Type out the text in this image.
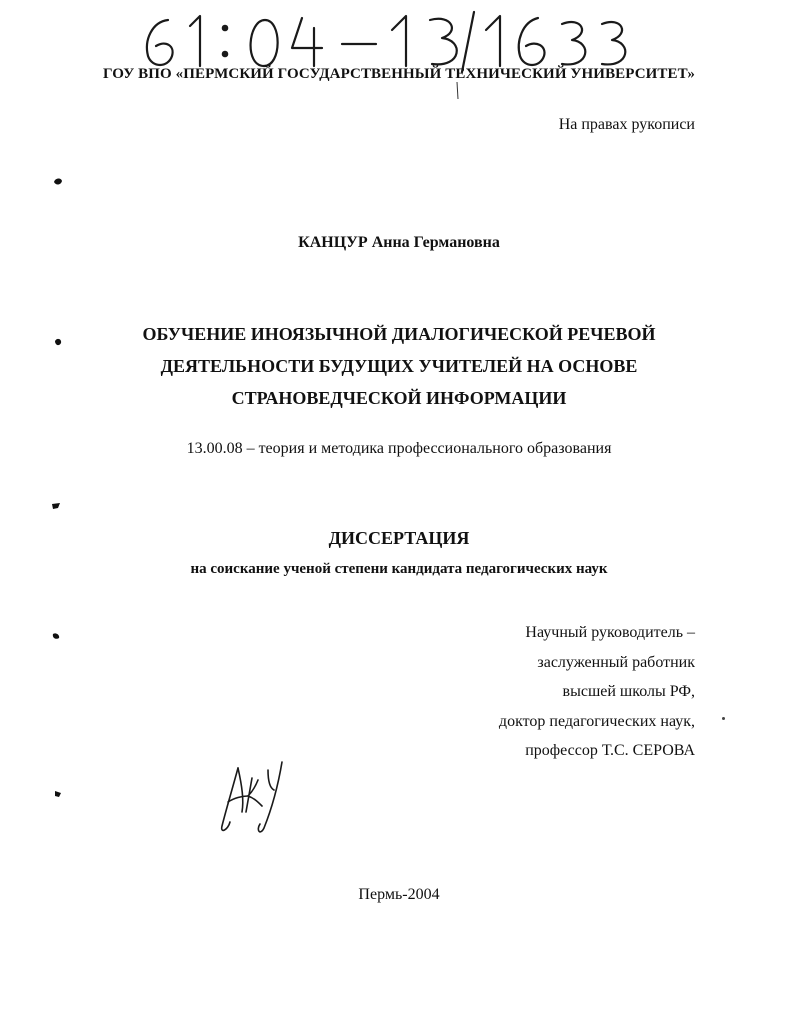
ГОУ ВПО «ПЕРМСКИЙ ГОСУДАРСТВЕННЫЙ ТЕХНИЧЕСКИЙ УНИВЕРСИТЕТ»
На правах рукописи
КАНЦУР Анна Германовна
ОБУЧЕНИЕ ИНОЯЗЫЧНОЙ ДИАЛОГИЧЕСКОЙ РЕЧЕВОЙ
ДЕЯТЕЛЬНОСТИ БУДУЩИХ УЧИТЕЛЕЙ НА ОСНОВЕ
СТРАНОВЕДЧЕСКОЙ ИНФОРМАЦИИ
13.00.08 – теория и методика профессионального образования
ДИССЕРТАЦИЯ
на соискание ученой степени кандидата педагогических наук
Научный руководитель –
заслуженный работник
высшей школы РФ,
доктор педагогических наук,
профессор Т.С. СЕРОВА
Пермь-2004
